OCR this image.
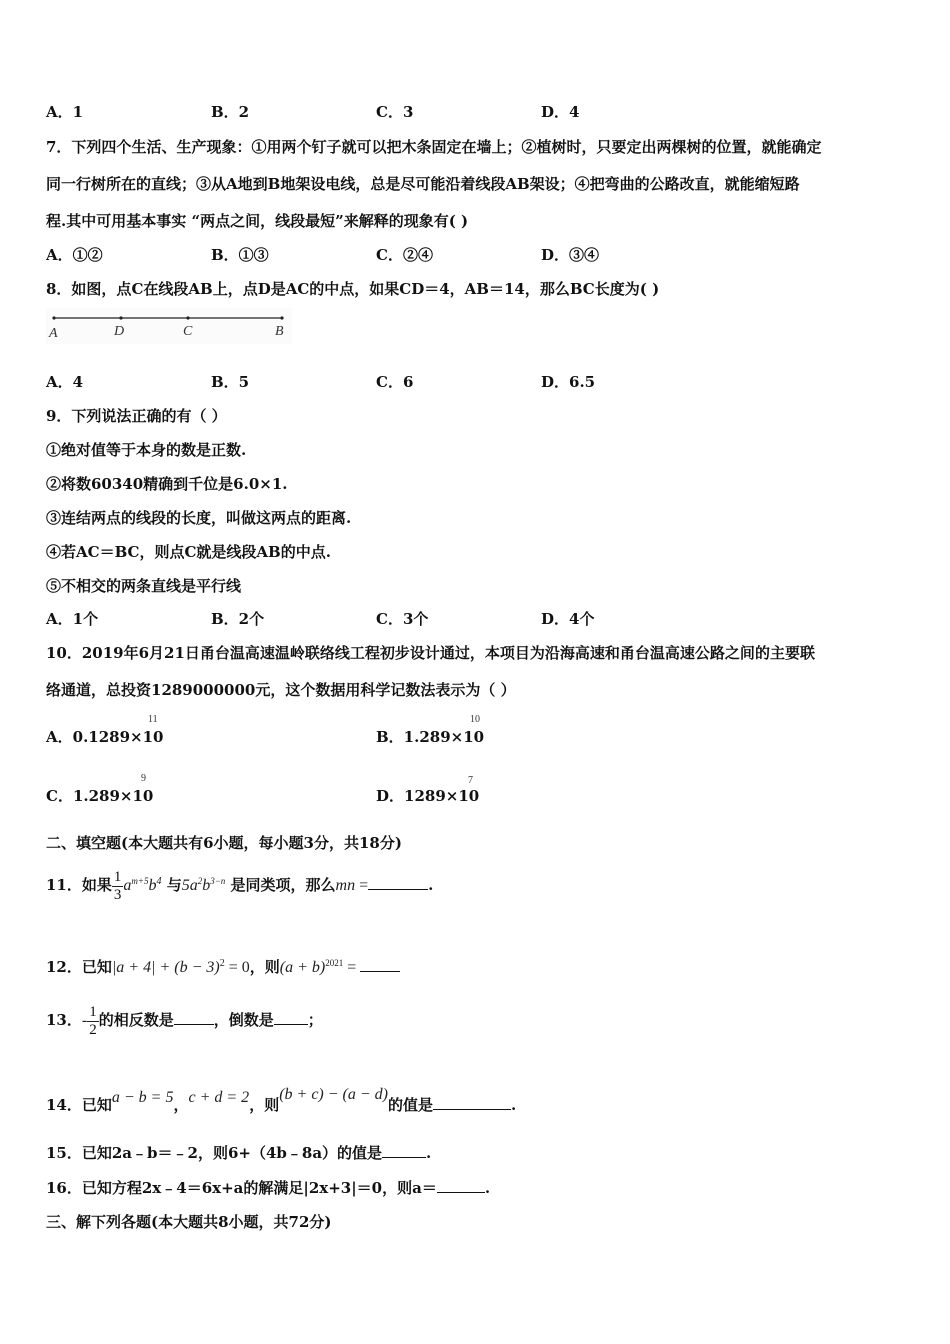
A．1	B．2	C．3	D．4
7．下列四个生活、生产现象：①用两个钉子就可以把木条固定在墙上；②植树时，只要定出两棵树的位置，就能确定
同一行树所在的直线；③从A地到B地架设电线，总是尽可能沿着线段AB架设；④把弯曲的公路改直，就能缩短路
程.其中可用基本事实 “两点之间，线段最短”来解释的现象有( )
A．①②	B．①③	C．②④	D．③④
8．如图，点C在线段AB上，点D是AC的中点，如果CD＝4，AB＝14，那么BC长度为( )
A	D	C	B
A．4	B．5	C．6	D．6.5
9．下列说法正确的有（ ）
①绝对值等于本身的数是正数.
②将数60340精确到千位是6.0×1.
③连结两点的线段的长度，叫做这两点的距离.
④若AC＝BC，则点C就是线段AB的中点.
⑤不相交的两条直线是平行线
A．1个	B．2个	C．3个	D．4个
10．2019年6月21日甬台温高速温岭联络线工程初步设计通过，本项目为沿海高速和甬台温高速公路之间的主要联
络通道，总投资1289000000元，这个数据用科学记数法表示为（ ）
A．0.1289×10
11
B．1.289×10
10
C．1.289×10
9
D．1289×10
7
二、填空题(本大题共有6小题，每小题3分，共18分)
11．如果 $\frac{1}{3} a^{m+5}b^4$ 与$5a^2b^{3-n}$ 是同类项，那么mn =	.
12．已知$|a + 4| + (b - 3)^2 = 0$，则$(a + b)^{2021}$ =
13．- $\frac{1}{2}$ 的相反数是	，倒数是 ；
14．已知a − b = 5，c + d = 2，则(b + c) − (a − d)的值是	.
15．已知2a﹣b＝﹣2，则6+（4b﹣8a）的值是	.
16．已知方程2x﹣4＝6x+a的解满足|2x+3|＝0，则a＝	.
三、解下列各题(本大题共8小题，共72分)
